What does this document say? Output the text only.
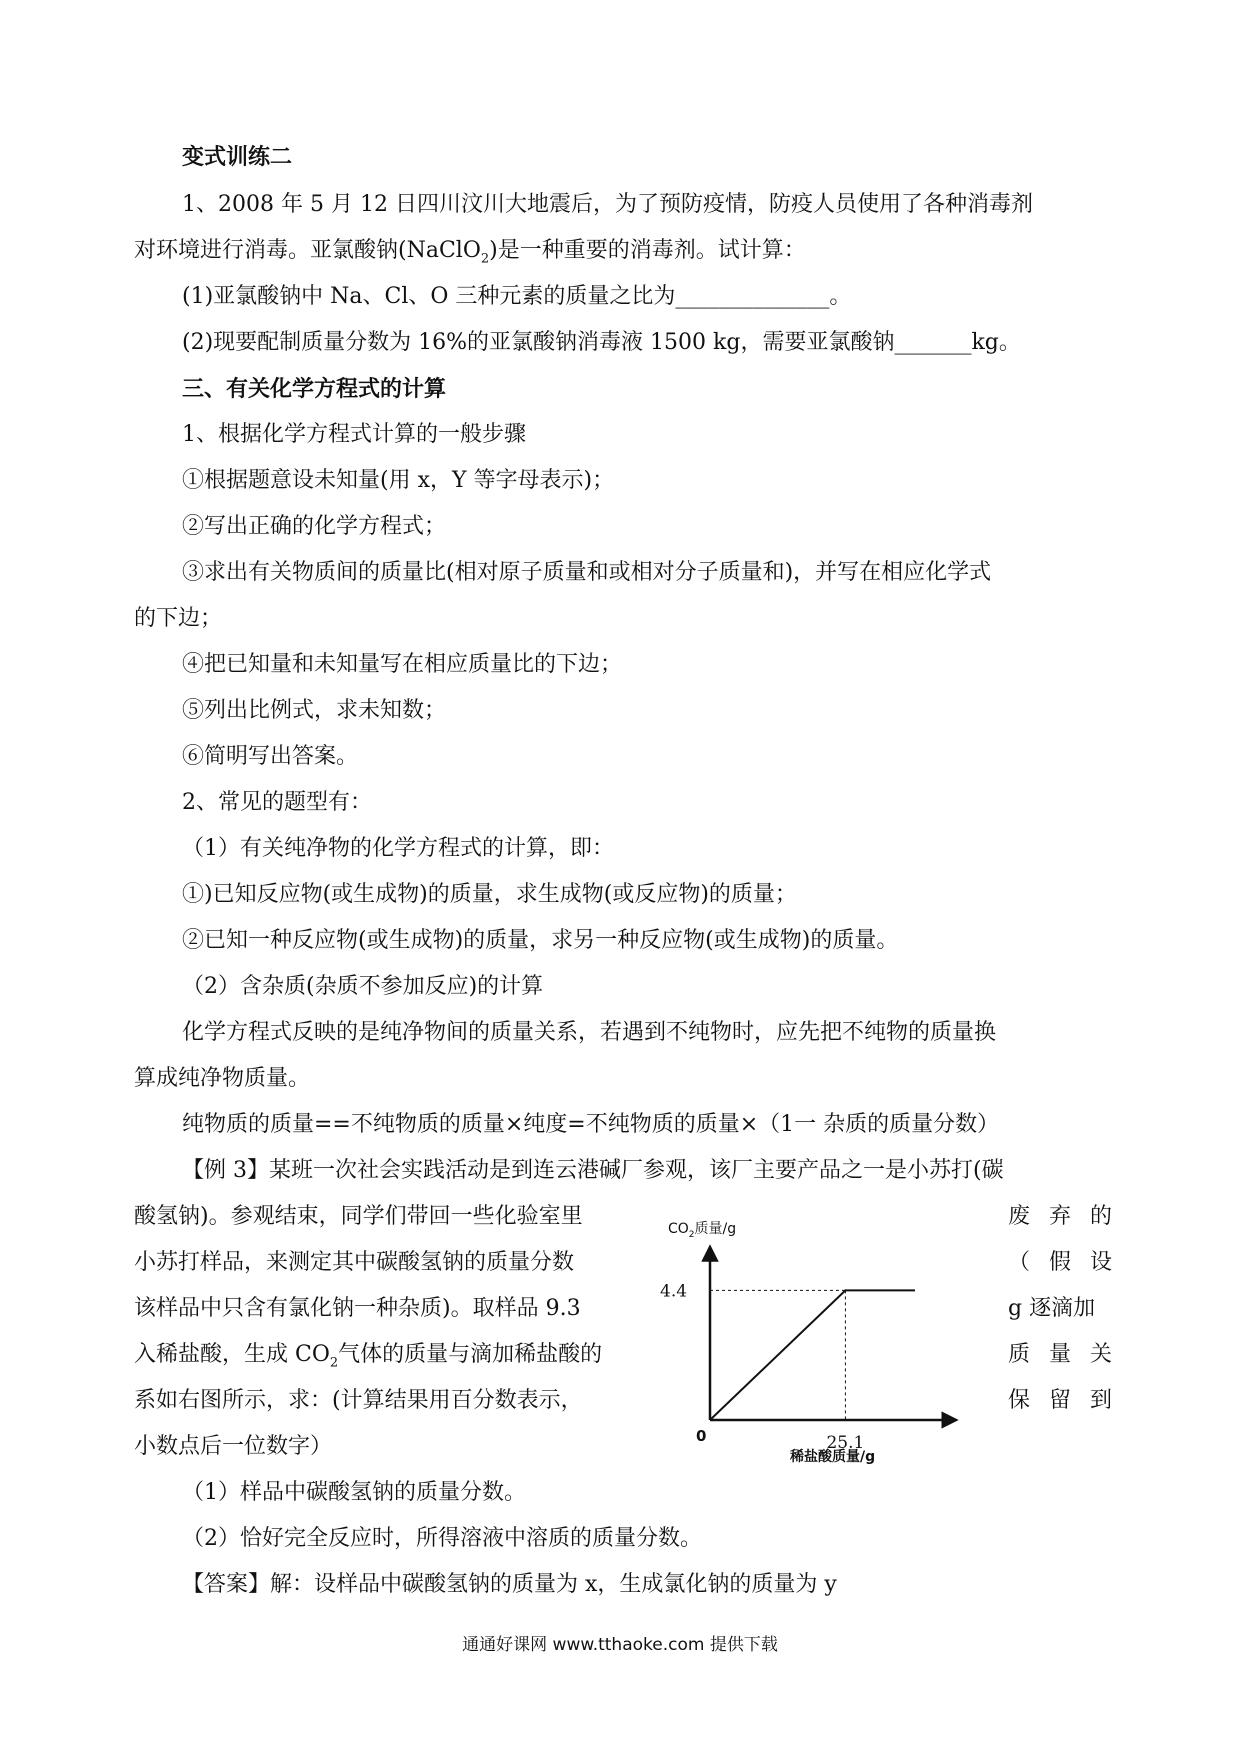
变式训练二
1、2008 年 5 月 12 日四川汶川大地震后，为了预防疫情，防疫人员使用了各种消毒剂
对环境进行消毒。亚氯酸钠(NaClO$_2$)是一种重要的消毒剂。试计算：
(1)亚氯酸钠中 Na、Cl、O 三种元素的质量之比为______________。
(2)现要配制质量分数为 16%的亚氯酸钠消毒液 1500 kg，需要亚氯酸钠_______kg。
三、有关化学方程式的计算
1、根据化学方程式计算的一般步骤
①根据题意设未知量(用 x，Y 等字母表示)；
②写出正确的化学方程式；
③求出有关物质间的质量比(相对原子质量和或相对分子质量和)，并写在相应化学式
的下边；
④把已知量和未知量写在相应质量比的下边；
⑤列出比例式，求未知数；
⑥简明写出答案。
2、常见的题型有：
（1）有关纯净物的化学方程式的计算，即：
①)已知反应物(或生成物)的质量，求生成物(或反应物)的质量；
②已知一种反应物(或生成物)的质量，求另一种反应物(或生成物)的质量。
（2）含杂质(杂质不参加反应)的计算
化学方程式反映的是纯净物间的质量关系，若遇到不纯物时，应先把不纯物的质量换
算成纯净物质量。
纯物质的质量==不纯物质的质量×纯度=不纯物质的质量×（1一 杂质的质量分数）
【例 3】某班一次社会实践活动是到连云港碱厂参观，该厂主要产品之一是小苏打(碳
酸氢钠)。参观结束，同学们带回一些化验室里	废 弃 的
小苏打样品，来测定其中碳酸氢钠的质量分数	（ 假 设
该样品中只含有氯化钠一种杂质)。取样品 9.3	g 逐滴加
入稀盐酸，生成 $CO_2$气体的质量与滴加稀盐酸的	质 量 关
系如右图所示，求：(计算结果用百分数表示，	保 留 到
小数点后一位数字）
（1）样品中碳酸氢钠的质量分数。
（2）恰好完全反应时，所得溶液中溶质的质量分数。
【答案】解：设样品中碳酸氢钠的质量为 x，生成氯化钠的质量为 y
$CO_2$质量/g
0
4.4
25.1
稀盐酸质量/g
通通好课网 www.tthaoke.com 提供下载
